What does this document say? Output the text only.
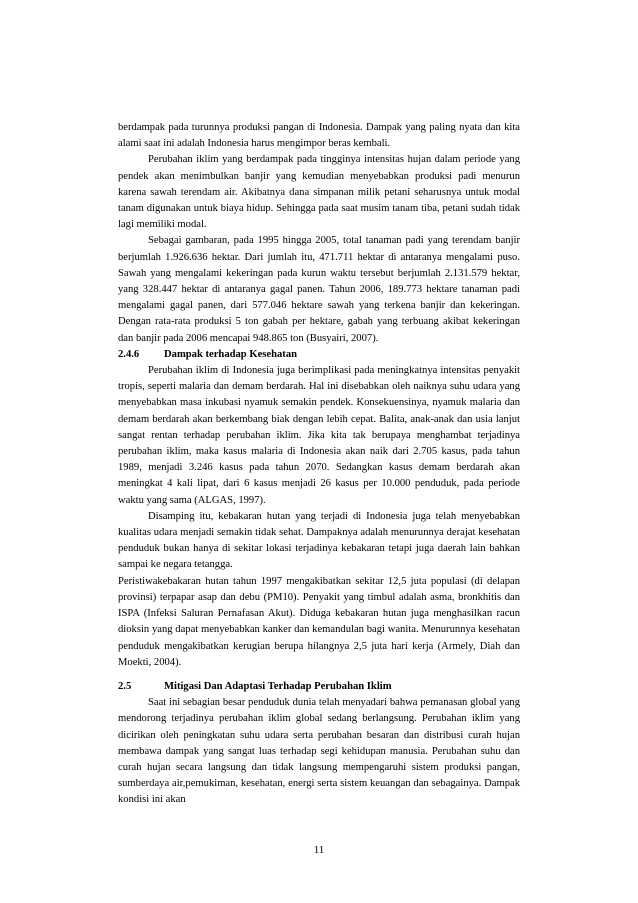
berdampak pada turunnya produksi pangan di Indonesia. Dampak yang paling nyata dan kita alami saat ini adalah Indonesia harus mengimpor beras kembali.

Perubahan iklim yang berdampak pada tingginya intensitas hujan dalam periode yang pendek akan menimbulkan banjir yang kemudian menyebabkan produksi padi menurun karena sawah terendam air. Akibatnya dana simpanan milik petani seharusnya untuk modal tanam digunakan untuk biaya hidup. Sehingga pada saat musim tanam tiba, petani sudah tidak lagi memiliki modal.

Sebagai gambaran, pada 1995 hingga 2005, total tanaman padi yang terendam banjir berjumlah 1.926.636 hektar. Dari jumlah itu, 471.711 hektar di antaranya mengalami puso. Sawah yang mengalami kekeringan pada kurun waktu tersebut berjumlah 2.131.579 hektar, yang 328.447 hektar di antaranya gagal panen. Tahun 2006, 189.773 hektare tanaman padi mengalami gagal panen, dari 577.046 hektare sawah yang terkena banjir dan kekeringan. Dengan rata-rata produksi 5 ton gabah per hektare, gabah yang terbuang akibat kekeringan dan banjir pada 2006 mencapai 948.865 ton (Busyairi, 2007).

2.4.6	Dampak terhadap Kesehatan

Perubahan iklim di Indonesia juga berimplikasi pada meningkatnya intensitas penyakit tropis, seperti malaria dan demam berdarah. Hal ini disebabkan oleh naiknya suhu udara yang menyebabkan masa inkubasi nyamuk semakin pendek. Konsekuensinya, nyamuk malaria dan demam berdarah akan berkembang biak dengan lebih cepat. Balita, anak-anak dan usia lanjut sangat rentan terhadap perubahan iklim. Jika kita tak berupaya menghambat terjadinya perubahan iklim, maka kasus malaria di Indonesia akan naik dari 2.705 kasus, pada tahun 1989, menjadi 3.246 kasus pada tahun 2070. Sedangkan kasus demam berdarah akan meningkat 4 kali lipat, dari 6 kasus menjadi 26 kasus per 10.000 penduduk, pada periode waktu yang sama (ALGAS, 1997).

Disamping itu, kebakaran hutan yang terjadi di Indonesia juga telah menyebabkan kualitas udara menjadi semakin tidak sehat. Dampaknya adalah menurunnya derajat kesehatan penduduk bukan hanya di sekitar lokasi terjadinya kebakaran tetapi juga daerah lain bahkan sampai ke negara tetangga.

Peristiwakebakaran hutan tahun 1997 mengakibatkan sekitar 12,5 juta populasi (di delapan provinsi) terpapar asap dan debu (PM10). Penyakit yang timbul adalah asma, bronkhitis dan ISPA (Infeksi Saluran Pernafasan Akut). Diduga kebakaran hutan juga menghasilkan racun dioksin yang dapat menyebabkan kanker dan kemandulan bagi wanita. Menurunnya kesehatan penduduk mengakibatkan kerugian berupa hilangnya 2,5 juta hari kerja (Armely, Diah dan Moekti, 2004).

2.5	Mitigasi Dan Adaptasi Terhadap Perubahan Iklim

Saat ini sebagian besar penduduk dunia telah menyadari bahwa pemanasan global yang mendorong terjadinya perubahan iklim global sedang berlangsung. Perubahan iklim yang dicirikan oleh peningkatan suhu udara serta perubahan besaran dan distribusi curah hujan membawa dampak yang sangat luas terhadap segi kehidupan manusia. Perubahan suhu dan curah hujan secara langsung dan tidak langsung mempengaruhi sistem produksi pangan, sumberdaya air,pemukiman, kesehatan, energi serta sistem keuangan dan sebagainya. Dampak kondisi ini akan

11
